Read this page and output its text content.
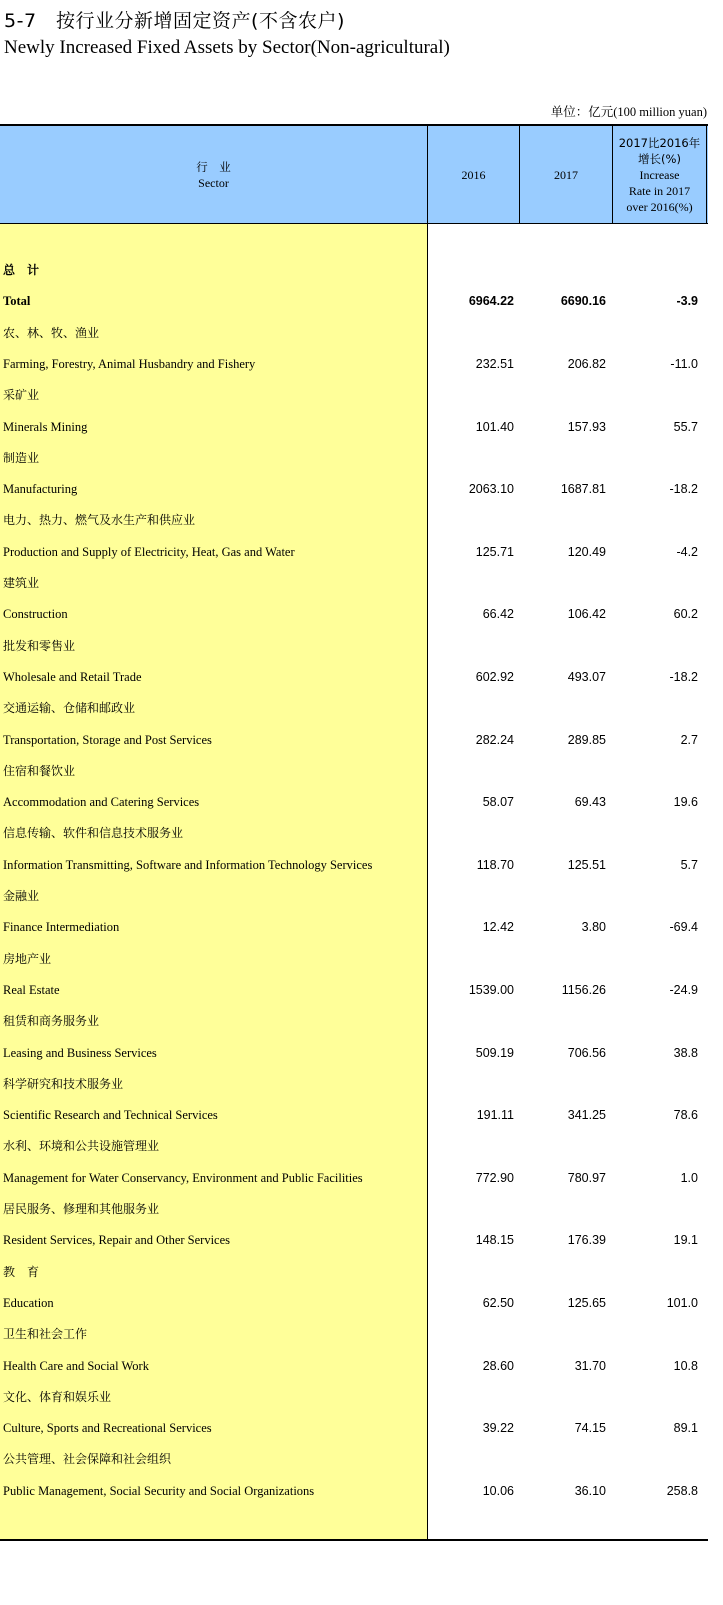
5-7　按行业分新增固定资产(不含农户)
Newly Increased Fixed Assets by Sector(Non-agricultural)
单位：亿元(100 million yuan)
行　业
Sector
2016	2017
2017比2016年
增长(%)
Increase
Rate in 2017
over 2016(%)
总　计
Total	6964.22	6690.16	-3.9
农、林、牧、渔业
Farming, Forestry, Animal Husbandry and Fishery	232.51	206.82	-11.0
采矿业
Minerals Mining	101.40	157.93	55.7
制造业
Manufacturing	2063.10	1687.81	-18.2
电力、热力、燃气及水生产和供应业
Production and Supply of Electricity, Heat, Gas and Water	125.71	120.49	-4.2
建筑业
Construction	66.42	106.42	60.2
批发和零售业
Wholesale and Retail Trade	602.92	493.07	-18.2
交通运输、仓储和邮政业
Transportation, Storage and Post Services	282.24	289.85	2.7
住宿和餐饮业
Accommodation and Catering Services	58.07	69.43	19.6
信息传输、软件和信息技术服务业
Information Transmitting, Software and Information Technology Services	118.70	125.51	5.7
金融业
Finance Intermediation	12.42	3.80	-69.4
房地产业
Real Estate	1539.00	1156.26	-24.9
租赁和商务服务业
Leasing and Business Services	509.19	706.56	38.8
科学研究和技术服务业
Scientific Research and Technical Services	191.11	341.25	78.6
水利、环境和公共设施管理业
Management for Water Conservancy, Environment and Public Facilities	772.90	780.97	1.0
居民服务、修理和其他服务业
Resident Services, Repair and Other Services	148.15	176.39	19.1
教　育
Education	62.50	125.65	101.0
卫生和社会工作
Health Care and Social Work	28.60	31.70	10.8
文化、体育和娱乐业
Culture, Sports and Recreational Services	39.22	74.15	89.1
公共管理、社会保障和社会组织
Public Management, Social Security and Social Organizations	10.06	36.10	258.8
